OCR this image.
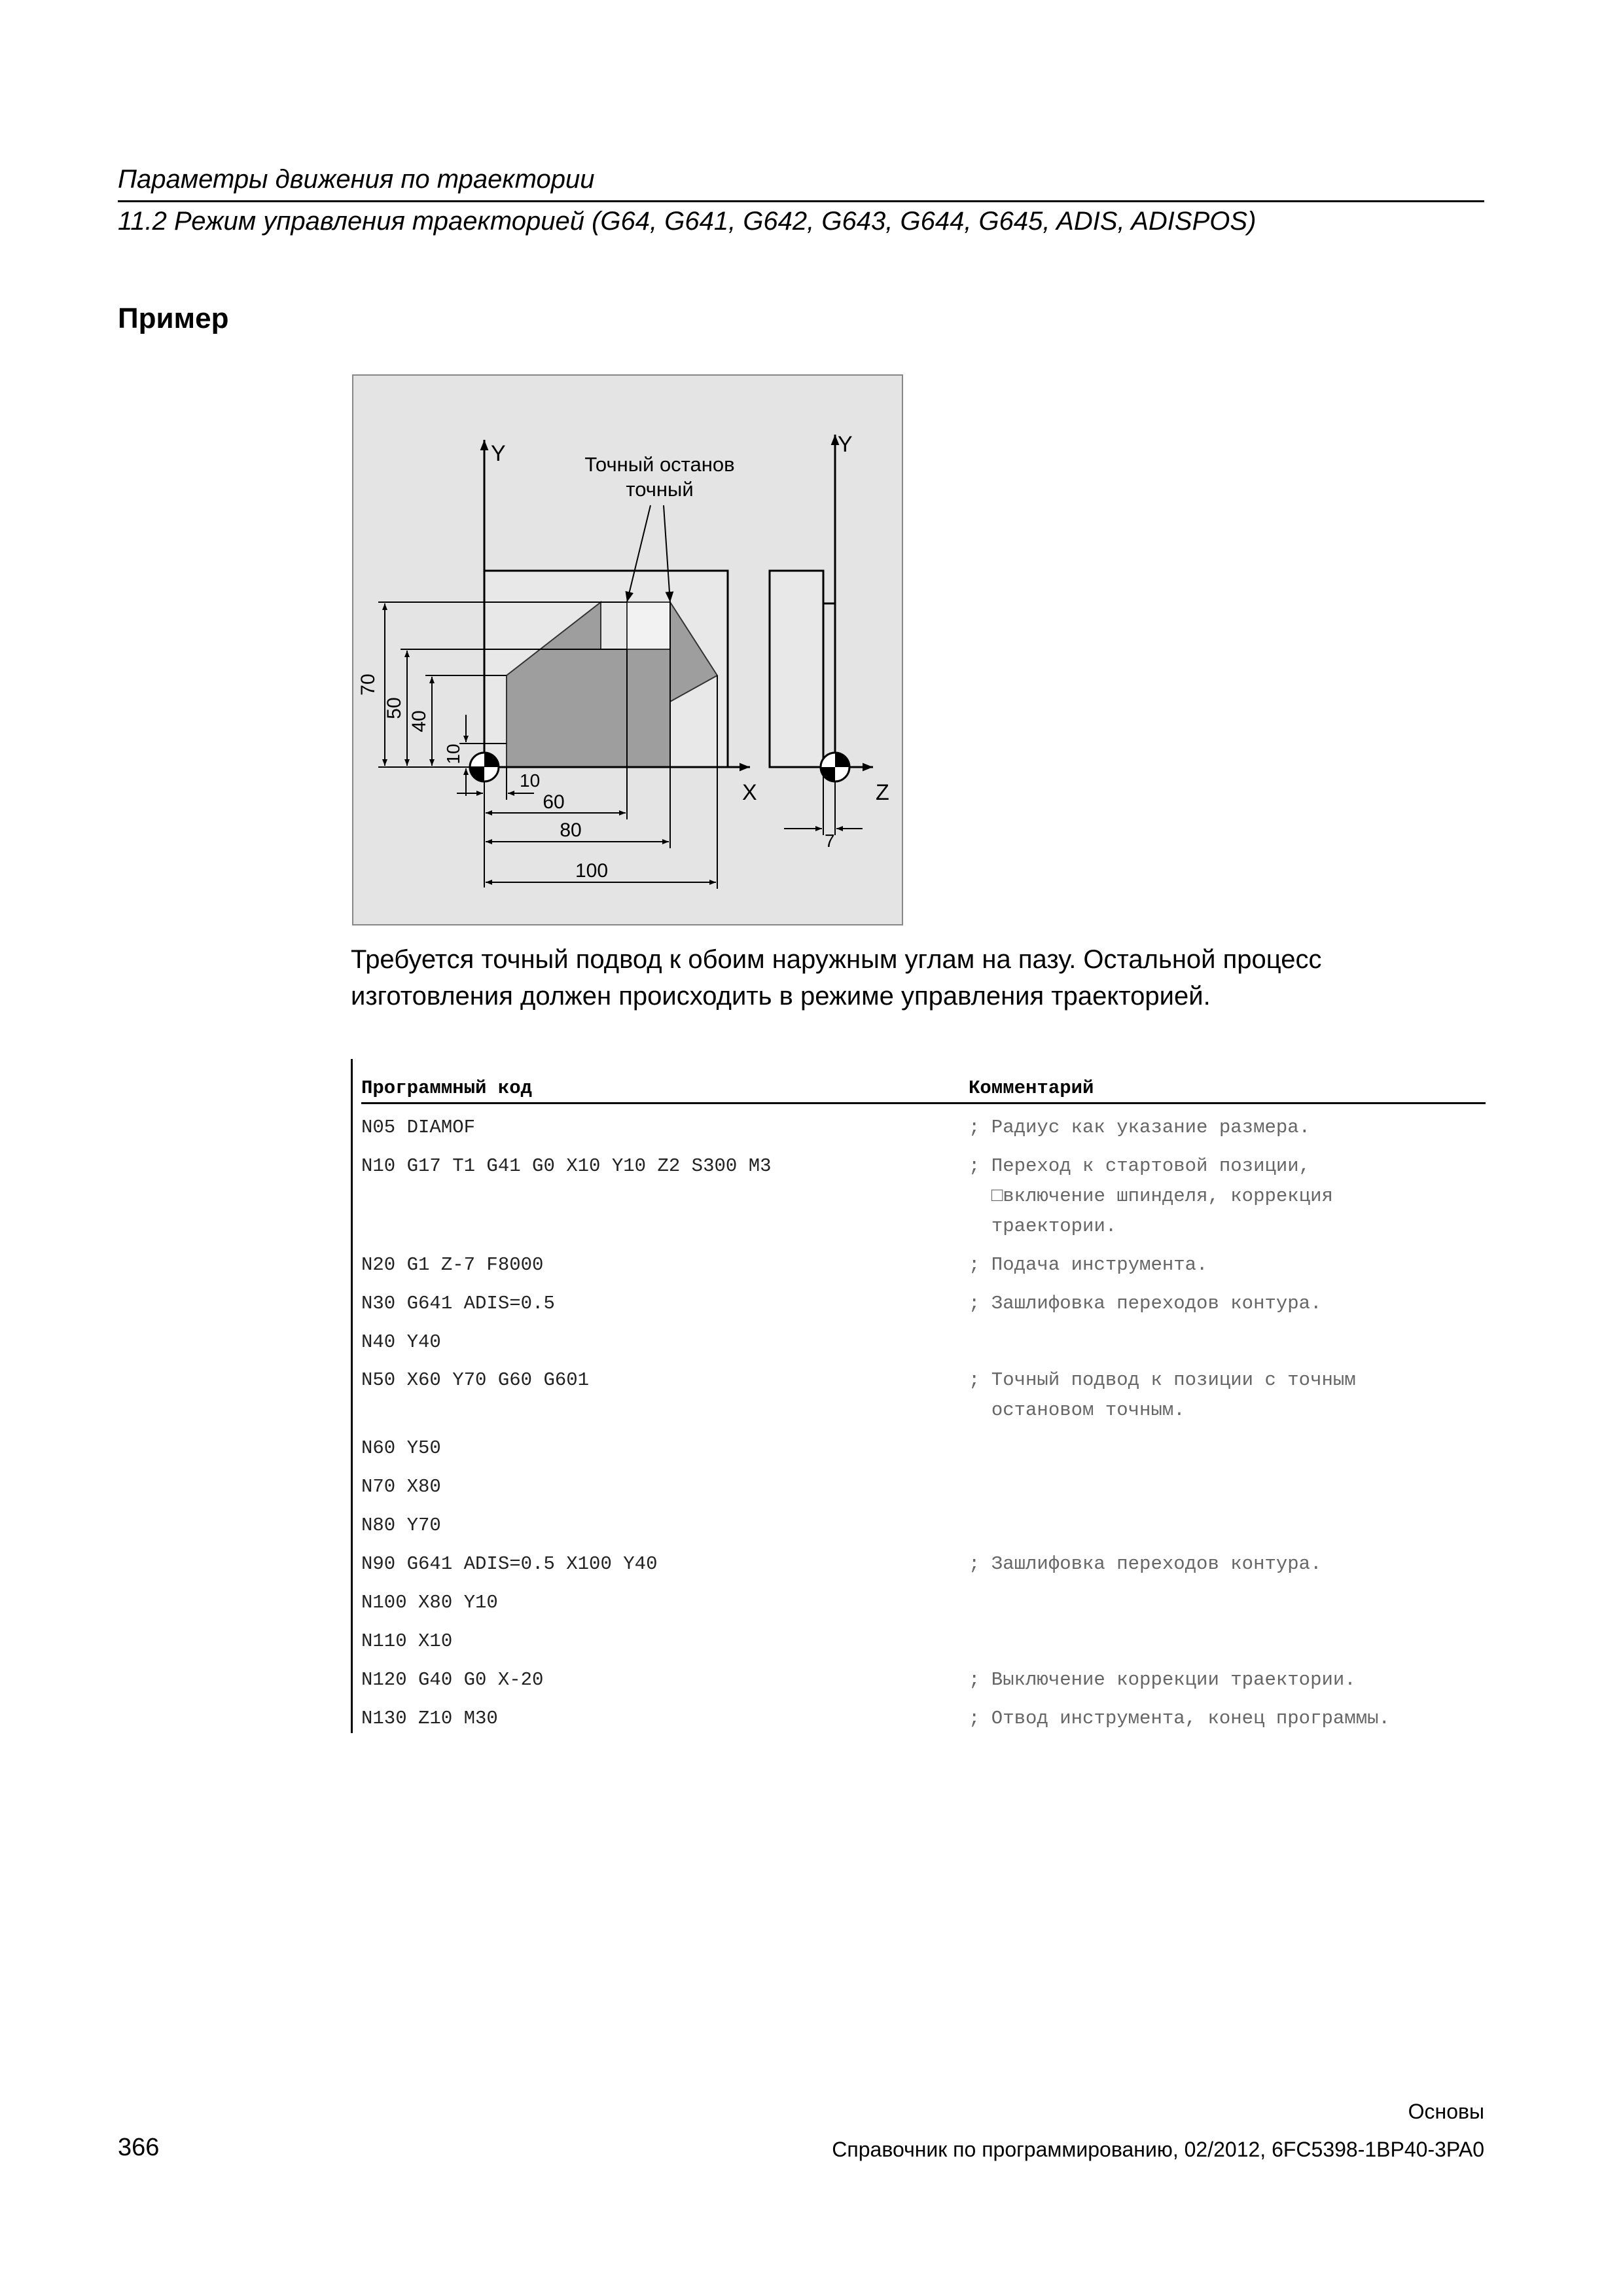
Параметры движения по траектории
11.2 Режим управления траекторией (G64, G641, G642, G643, G644, G645, ADIS, ADISPOS)
Пример
Y	Y
X	Z
Точный останов
точный
70
50
40
10
10
60
80
100
7
Требуется точный подвод к обоим наружным углам на пазу. Остальной процесс изготовления должен происходить в режиме управления траекторией.
Программный код	Комментарий
N05 DIAMOF	; Радиус как указание размера.
N10 G17 T1 G41 G0 X10 Y10 Z2 S300 M3	; Переход к стартовой позиции,
□включение шпинделя, коррекция
траектории.
N20 G1 Z-7 F8000	; Подача инструмента.
N30 G641 ADIS=0.5	; Зашлифовка переходов контура.
N40 Y40
N50 X60 Y70 G60 G601	; Точный подвод к позиции с точным
остановом точным.
N60 Y50
N70 X80
N80 Y70
N90 G641 ADIS=0.5 X100 Y40	; Зашлифовка переходов контура.
N100 X80 Y10
N110 X10
N120 G40 G0 X-20	; Выключение коррекции траектории.
N130 Z10 M30	; Отвод инструмента, конец программы.
Основы
366	Справочник по программированию, 02/2012, 6FC5398-1BP40-3PA0
